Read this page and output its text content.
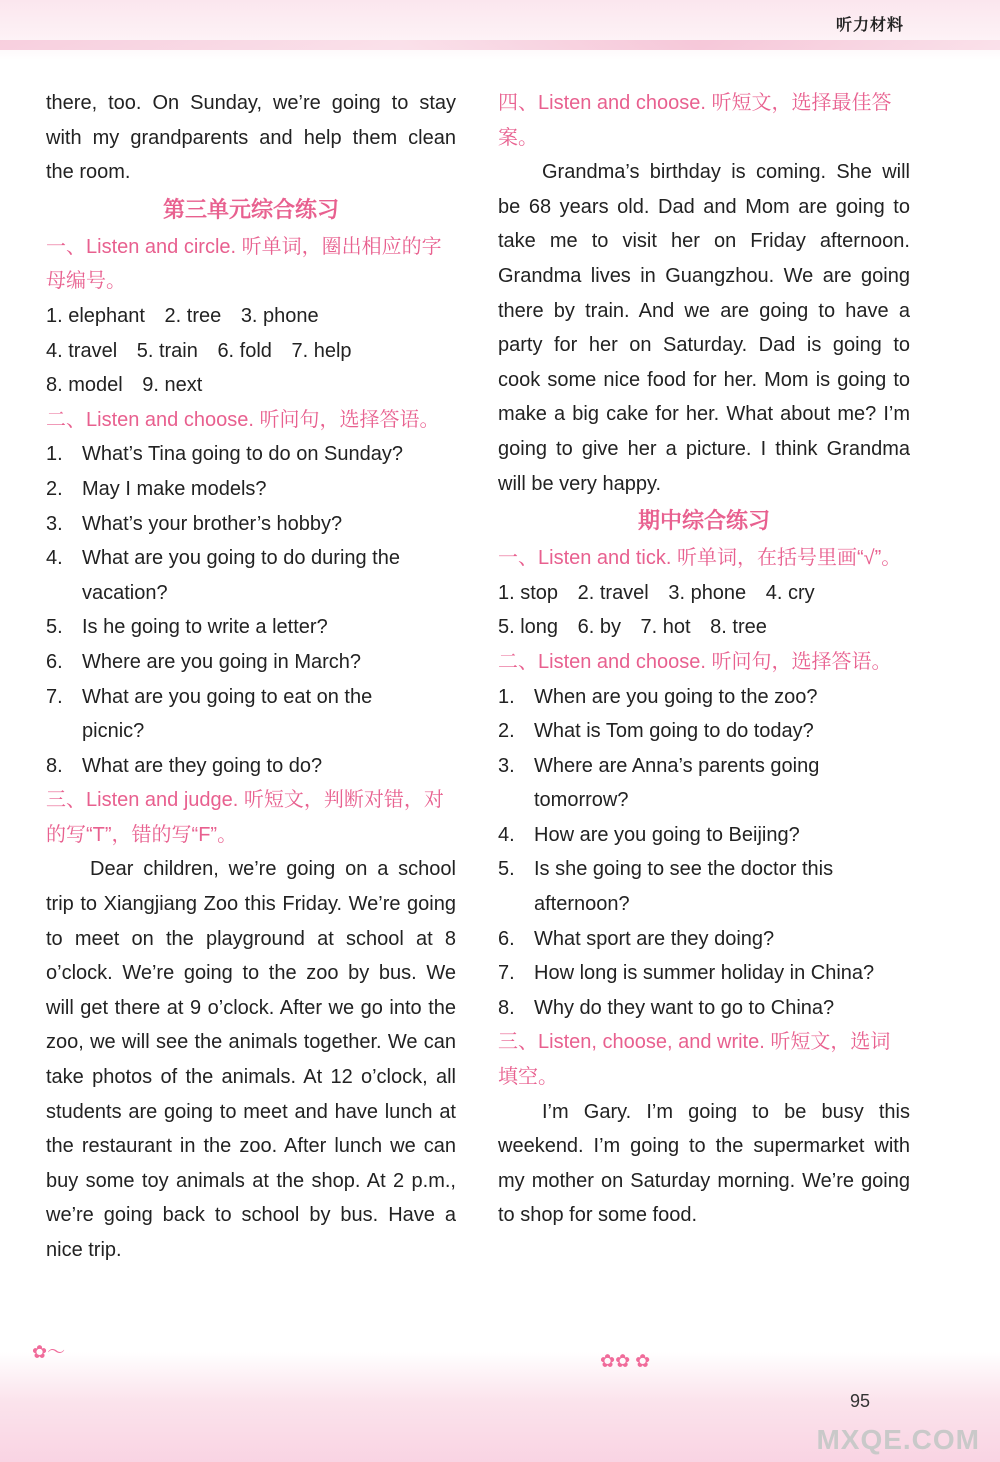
听力材料

there, too. On Sunday, we’re going to stay with my grandparents and help them clean the room.

第三单元综合练习

一、Listen and circle. 听单词，圈出相应的字母编号。

1. elephant 2. tree 3. phone

4. travel 5. train 6. fold 7. help

8. model 9. next

二、Listen and choose. 听问句，选择答语。

1. What’s Tina going to do on Sunday?

2. May I make models?

3. What’s your brother’s hobby?

4. What are you going to do during the

vacation?

5. Is he going to write a letter?

6. Where are you going in March?

7. What are you going to eat on the

picnic?

8. What are they going to do?

三、Listen and judge. 听短文，判断对错，对的写“T”，错的写“F”。

Dear children, we’re going on a school trip to Xiangjiang Zoo this Friday. We’re going to meet on the playground at school at 8 o’clock. We’re going to the zoo by bus. We will get there at 9 o’clock. After we go into the zoo, we will see the animals together. We can take photos of the animals. At 12 o’clock, all students are going to meet and have lunch at the restaurant in the zoo. After lunch we can buy some toy animals at the shop. At 2 p.m., we’re going back to school by bus. Have a nice trip.

四、Listen and choose. 听短文，选择最佳答案。

Grandma’s birthday is coming. She will be 68 years old. Dad and Mom are going to take me to visit her on Friday afternoon. Grandma lives in Guangzhou. We are going there by train. And we are going to have a party for her on Saturday. Dad is going to cook some nice food for her. Mom is going to make a big cake for her. What about me? I’m going to give her a picture. I think Grandma will be very happy.

期中综合练习

一、Listen and tick. 听单词，在括号里画“√”。

1. stop 2. travel 3. phone 4. cry

5. long 6. by 7. hot 8. tree

二、Listen and choose. 听问句，选择答语。

1. When are you going to the zoo?

2. What is Tom going to do today?

3. Where are Anna’s parents going

tomorrow?

4. How are you going to Beijing?

5. Is she going to see the doctor this

afternoon?

6. What sport are they doing?

7. How long is summer holiday in China?

8. Why do they want to go to China?

三、Listen, choose, and write. 听短文，选词填空。

I’m Gary. I’m going to be busy this weekend. I’m going to the supermarket with my mother on Saturday morning. We’re going to shop for some food.

✿～	✿✿ ✿
95
MXQE.COM
